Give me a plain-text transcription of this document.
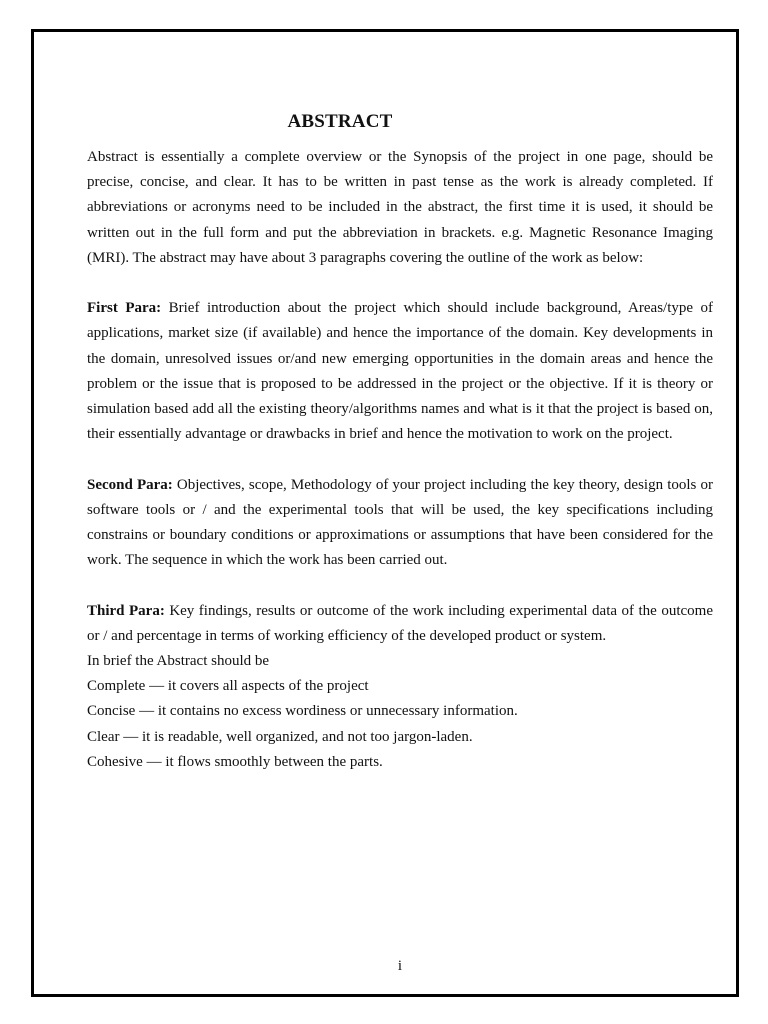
ABSTRACT

Abstract is essentially a complete overview or the Synopsis of the project in one page, should be precise, concise, and clear. It has to be written in past tense as the work is already completed. If abbreviations or acronyms need to be included in the abstract, the first time it is used, it should be written out in the full form and put the abbreviation in brackets. e.g. Magnetic Resonance Imaging (MRI). The abstract may have about 3 paragraphs covering the outline of the work as below:

First Para: Brief introduction about the project which should include background, Areas/type of applications, market size (if available) and hence the importance of the domain. Key developments in the domain, unresolved issues or/and new emerging opportunities in the domain areas and hence the problem or the issue that is proposed to be addressed in the project or the objective. If it is theory or simulation based add all the existing theory/algorithms names and what is it that the project is based on, their essentially advantage or drawbacks in brief and hence the motivation to work on the project.

Second Para: Objectives, scope, Methodology of your project including the key theory, design tools or software tools or / and the experimental tools that will be used, the key specifications including constrains or boundary conditions or approximations or assumptions that have been considered for the work. The sequence in which the work has been carried out.

Third Para: Key findings, results or outcome of the work including experimental data of the outcome or / and percentage in terms of working efficiency of the developed product or system.

In brief the Abstract should be

Complete — it covers all aspects of the project

Concise — it contains no excess wordiness or unnecessary information.

Clear — it is readable, well organized, and not too jargon-laden.

Cohesive — it flows smoothly between the parts.

i
